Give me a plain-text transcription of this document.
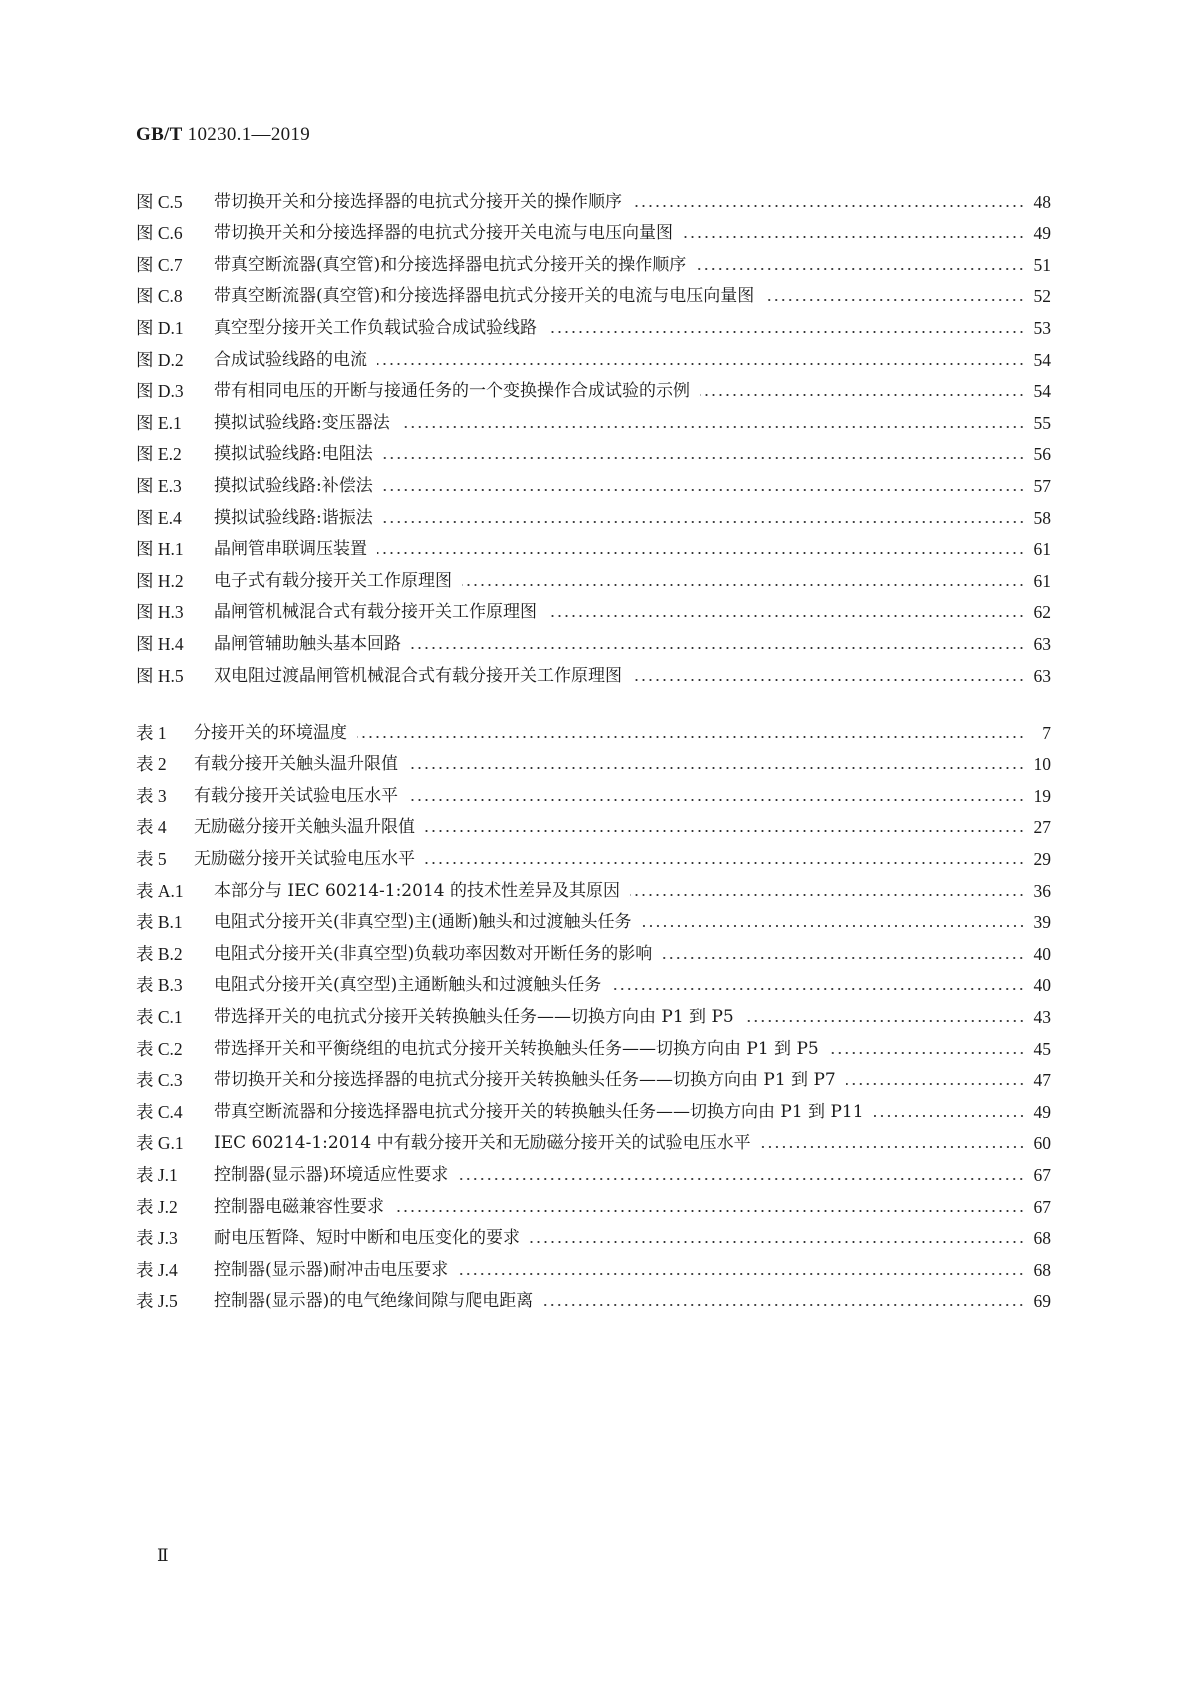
GB/T 10230.1—2019
图 C.5	带切换开关和分接选择器的电抗式分接开关的操作顺序	48
图 C.6	带切换开关和分接选择器的电抗式分接开关电流与电压向量图	49
图 C.7	带真空断流器(真空管)和分接选择器电抗式分接开关的操作顺序	51
图 C.8	带真空断流器(真空管)和分接选择器电抗式分接开关的电流与电压向量图	52
图 D.1	真空型分接开关工作负载试验合成试验线路	53
图 D.2	合成试验线路的电流	54
图 D.3	带有相同电压的开断与接通任务的一个变换操作合成试验的示例	54
图 E.1	摸拟试验线路:变压器法	55
图 E.2	摸拟试验线路:电阻法	56
图 E.3	摸拟试验线路:补偿法	57
图 E.4	摸拟试验线路:谐振法	58
图 H.1	晶闸管串联调压装置	61
图 H.2	电子式有载分接开关工作原理图	61
图 H.3	晶闸管机械混合式有载分接开关工作原理图	62
图 H.4	晶闸管辅助触头基本回路	63
图 H.5	双电阻过渡晶闸管机械混合式有载分接开关工作原理图	63
表 1	分接开关的环境温度	7
表 2	有载分接开关触头温升限值	10
表 3	有载分接开关试验电压水平	19
表 4	无励磁分接开关触头温升限值	27
表 5	无励磁分接开关试验电压水平	29
表 A.1	本部分与 IEC 60214-1:2014 的技术性差异及其原因	36
表 B.1	电阻式分接开关(非真空型)主(通断)触头和过渡触头任务	39
表 B.2	电阻式分接开关(非真空型)负载功率因数对开断任务的影响	40
表 B.3	电阻式分接开关(真空型)主通断触头和过渡触头任务	40
表 C.1	带选择开关的电抗式分接开关转换触头任务——切换方向由 P1 到 P5	43
表 C.2	带选择开关和平衡绕组的电抗式分接开关转换触头任务——切换方向由 P1 到 P5	45
表 C.3	带切换开关和分接选择器的电抗式分接开关转换触头任务——切换方向由 P1 到 P7	47
表 C.4	带真空断流器和分接选择器电抗式分接开关的转换触头任务——切换方向由 P1 到 P11	49
表 G.1	IEC 60214-1:2014 中有载分接开关和无励磁分接开关的试验电压水平	60
表 J.1	控制器(显示器)环境适应性要求	67
表 J.2	控制器电磁兼容性要求	67
表 J.3	耐电压暂降、短时中断和电压变化的要求	68
表 J.4	控制器(显示器)耐冲击电压要求	68
表 J.5	控制器(显示器)的电气绝缘间隙与爬电距离	69
Ⅱ
